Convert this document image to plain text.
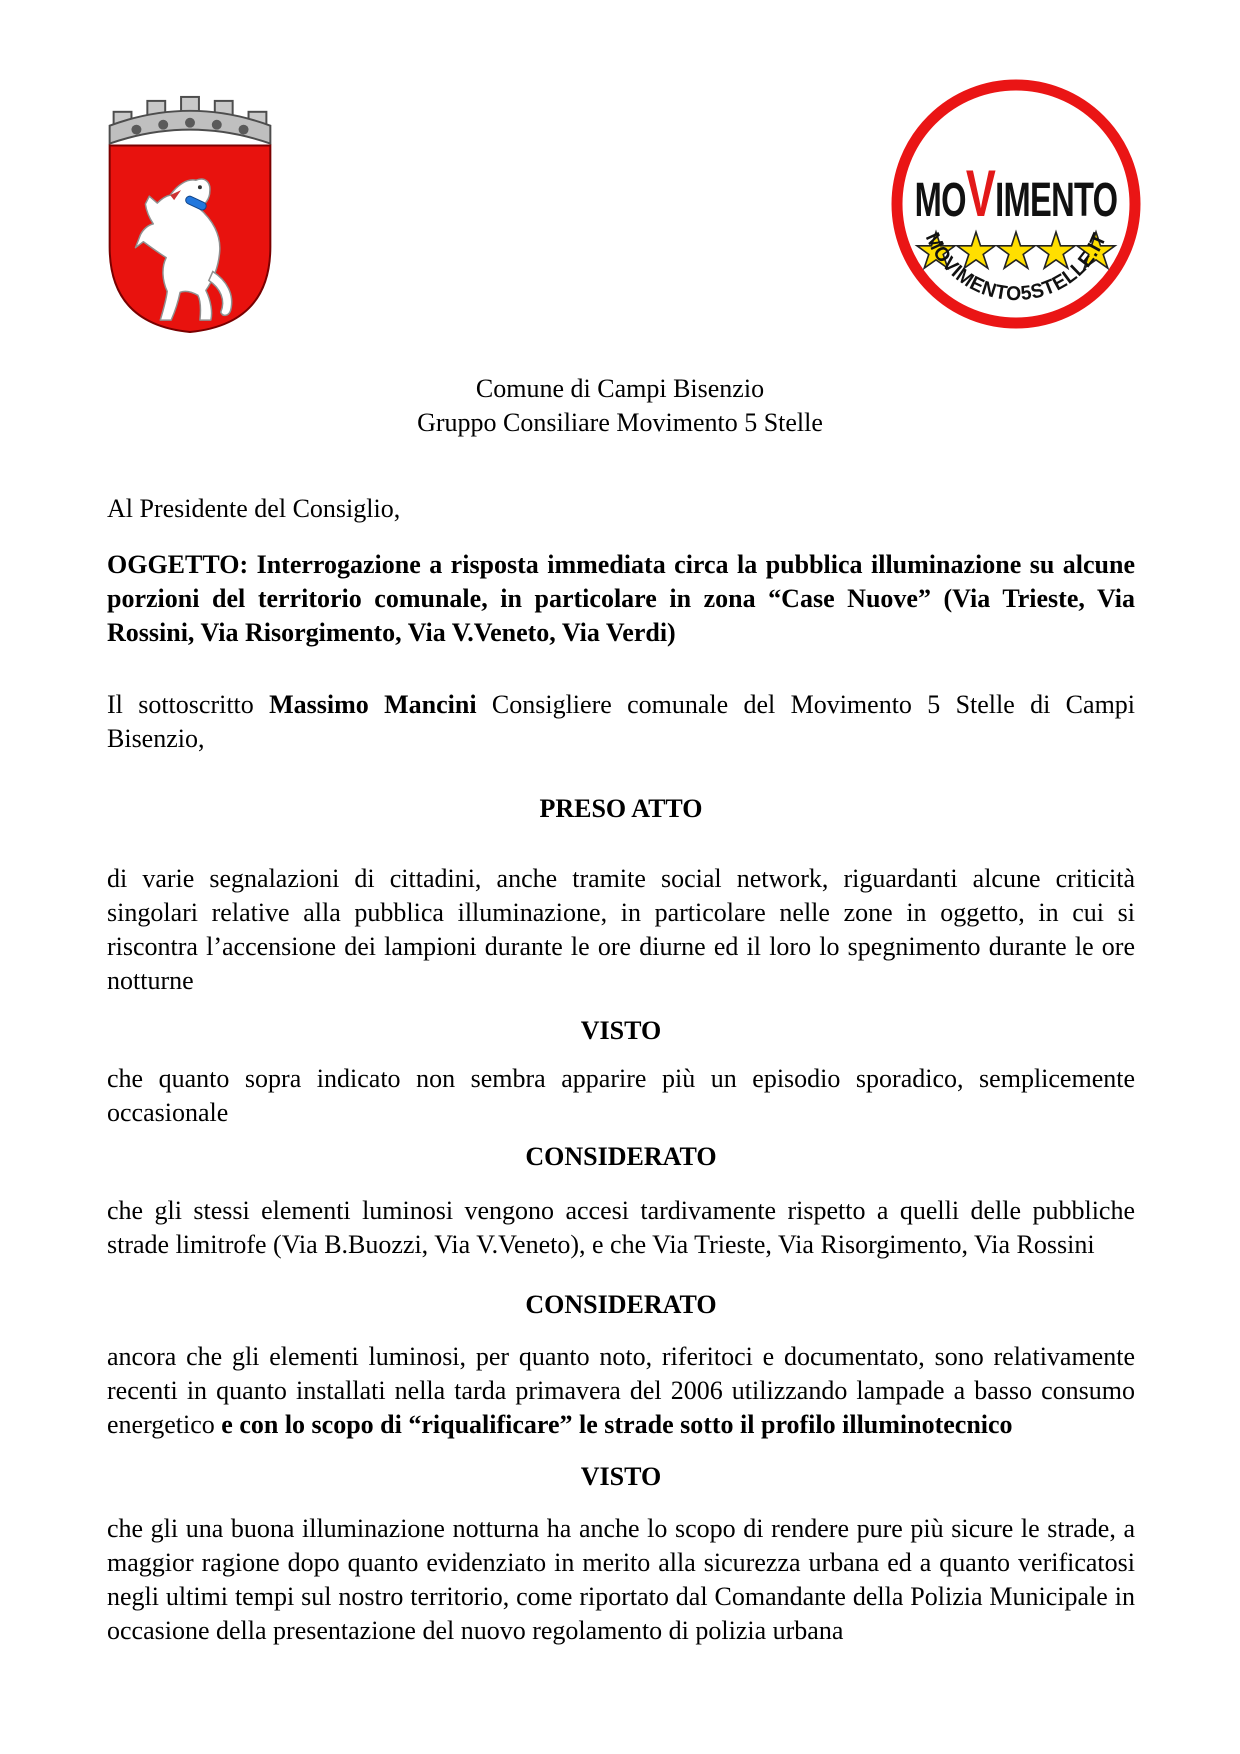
MOVIMENTO
MOVIMENTO5STELLE.IT
Comune di Campi Bisenzio
Gruppo Consiliare Movimento 5 Stelle

Al Presidente del Consiglio,

OGGETTO: Interrogazione a risposta immediata circa la pubblica illuminazione su alcune porzioni del territorio comunale, in particolare in zona “Case Nuove” (Via Trieste, Via Rossini, Via Risorgimento, Via V.Veneto, Via Verdi)

Il sottoscritto Massimo Mancini Consigliere comunale del Movimento 5 Stelle di Campi Bisenzio,

PRESO ATTO

di varie segnalazioni di cittadini, anche tramite social network, riguardanti alcune criticità singolari relative alla pubblica illuminazione, in particolare nelle zone in oggetto, in cui si riscontra l’accensione dei lampioni durante le ore diurne ed il loro lo spegnimento durante le ore notturne

VISTO

che quanto sopra indicato non sembra apparire più un episodio sporadico, semplicemente occasionale

CONSIDERATO

che gli stessi elementi luminosi vengono accesi tardivamente rispetto a quelli delle pubbliche strade limitrofe (Via B.Buozzi, Via V.Veneto), e che Via Trieste, Via Risorgimento, Via Rossini

CONSIDERATO

ancora che gli elementi luminosi, per quanto noto, riferitoci e documentato, sono relativamente recenti in quanto installati nella tarda primavera del 2006 utilizzando lampade a basso consumo energetico e con lo scopo di “riqualificare” le strade sotto il profilo illuminotecnico

VISTO

che gli una buona illuminazione notturna ha anche lo scopo di rendere pure più sicure le strade, a maggior ragione dopo quanto evidenziato in merito alla sicurezza urbana ed a quanto verificatosi negli ultimi tempi sul nostro territorio, come riportato dal Comandante della Polizia Municipale in occasione della presentazione del nuovo regolamento di polizia urbana
